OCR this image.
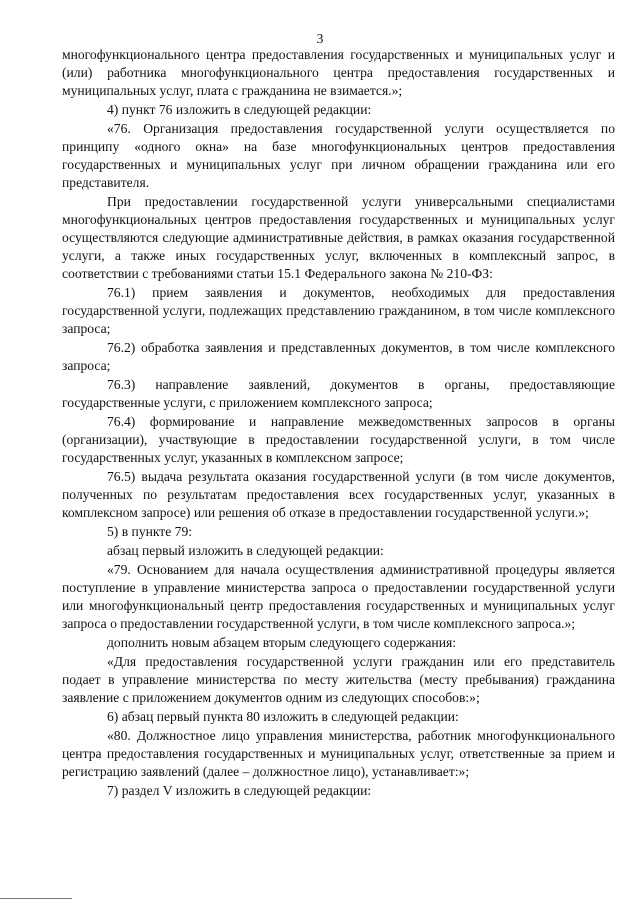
3

многофункционального центра предоставления государственных и муниципальных услуг и (или) работника многофункционального центра предоставления государственных и муниципальных услуг, плата с гражданина не взимается.»;

4) пункт 76 изложить в следующей редакции:

«76. Организация предоставления государственной услуги осуществляется по принципу «одного окна» на базе многофункциональных центров предоставления государственных и муниципальных услуг при личном обращении гражданина или его представителя.

При предоставлении государственной услуги универсальными специалистами многофункциональных центров предоставления государственных и муниципальных услуг осуществляются следующие административные действия, в рамках оказания государственной услуги, а также иных государственных услуг, включенных в комплексный запрос, в соответствии с требованиями статьи 15.1 Федерального закона № 210-ФЗ:

76.1) прием заявления и документов, необходимых для предоставления государственной услуги, подлежащих представлению гражданином, в том числе комплексного запроса;

76.2) обработка заявления и представленных документов, в том числе комплексного запроса;

76.3) направление заявлений, документов в органы, предоставляющие государственные услуги, с приложением комплексного запроса;

76.4) формирование и направление межведомственных запросов в органы (организации), участвующие в предоставлении государственной услуги, в том числе государственных услуг, указанных в комплексном запросе;

76.5) выдача результата оказания государственной услуги (в том числе документов, полученных по результатам предоставления всех государственных услуг, указанных в комплексном запросе) или решения об отказе в предоставлении государственной услуги.»;

5) в пункте 79:

абзац первый изложить в следующей редакции:

«79. Основанием для начала осуществления административной процедуры является поступление в управление министерства запроса о предоставлении государственной услуги или многофункциональный центр предоставления государственных и муниципальных услуг запроса о предоставлении государственной услуги, в том числе комплексного запроса.»;

дополнить новым абзацем вторым следующего содержания:

«Для предоставления государственной услуги гражданин или его представитель подает в управление министерства по месту жительства (месту пребывания) гражданина заявление с приложением документов одним из следующих способов:»;

6) абзац первый пункта 80 изложить в следующей редакции:

«80. Должностное лицо управления министерства, работник многофункционального центра предоставления государственных и муниципальных услуг, ответственные за прием и регистрацию заявлений (далее – должностное лицо), устанавливает:»;

7) раздел V изложить в следующей редакции:
